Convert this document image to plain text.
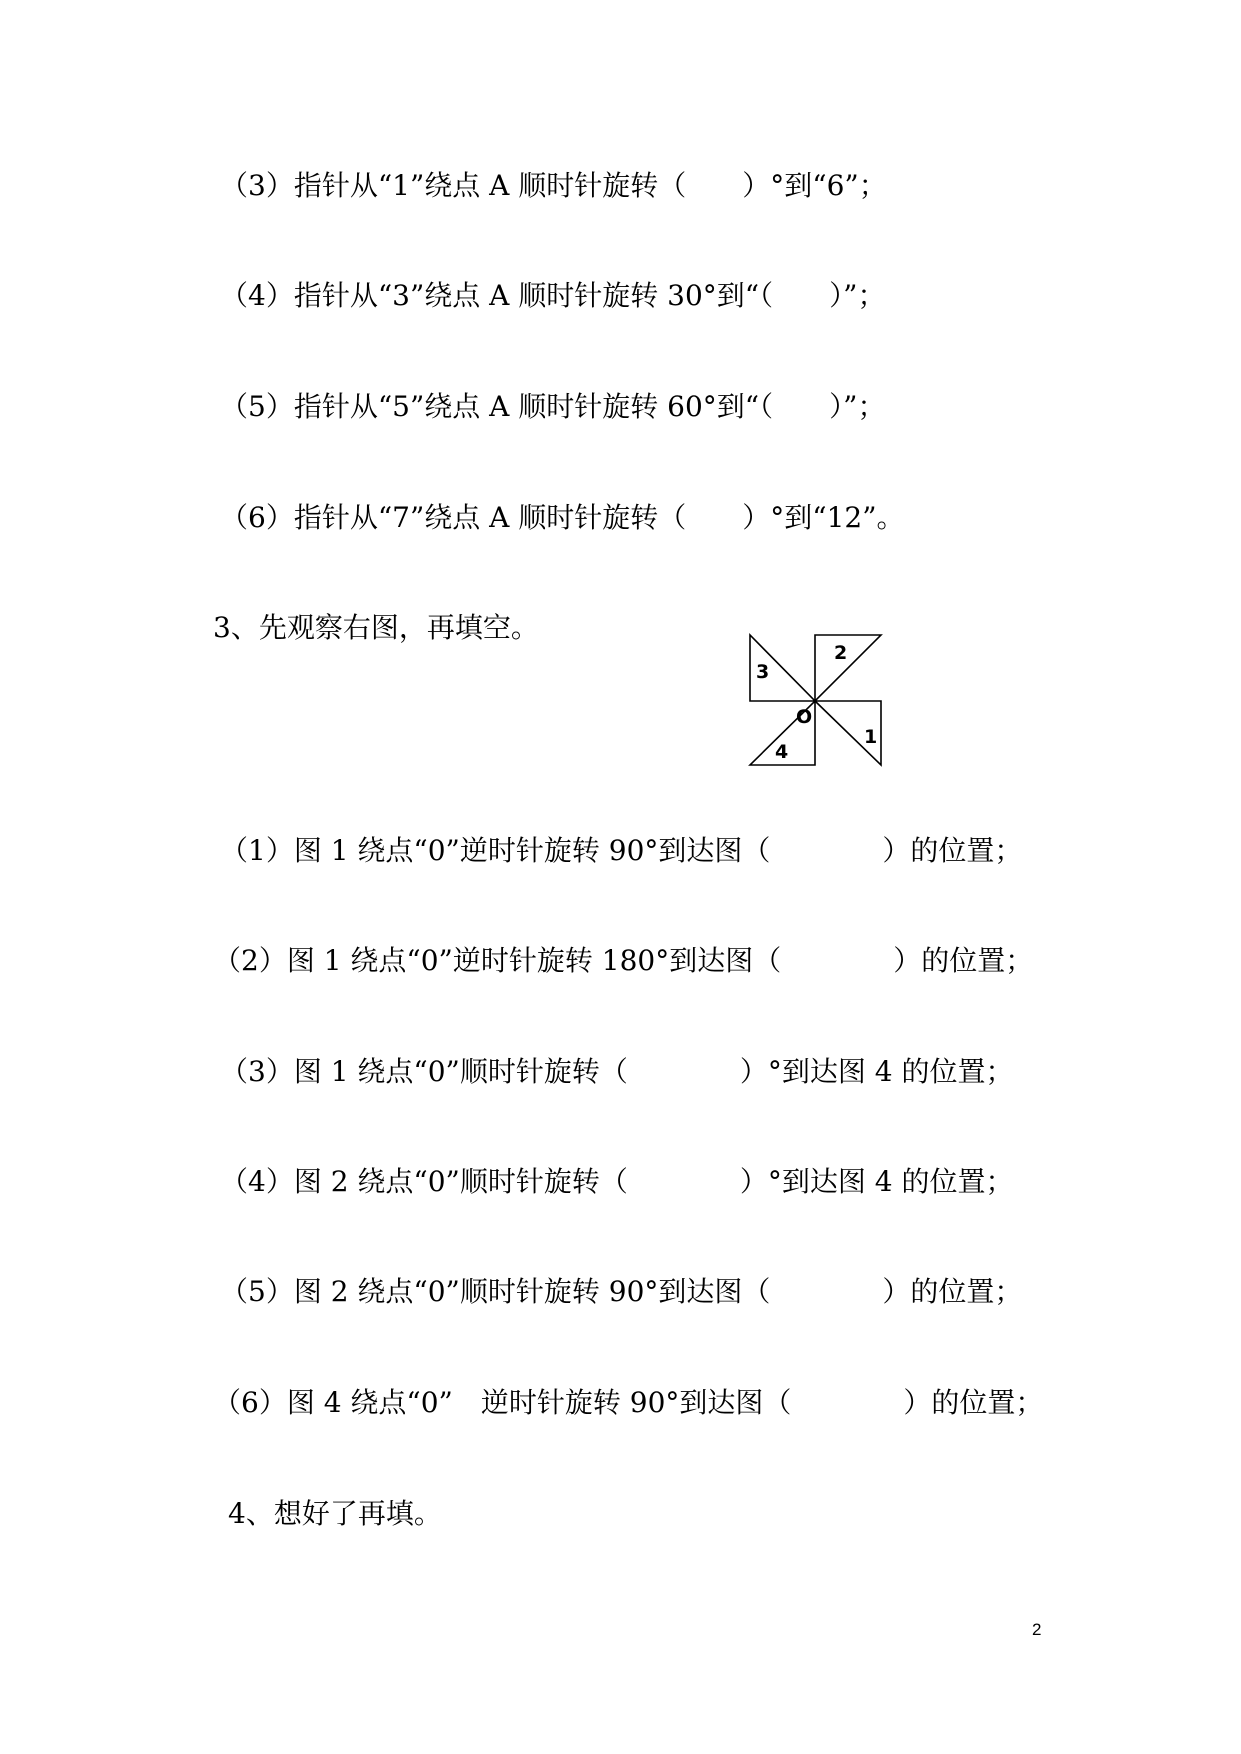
（3）指针从“1”绕点 A 顺时针旋转（　　）°到“6”；
（4）指针从“3”绕点 A 顺时针旋转 30°到“（　　）”；
（5）指针从“5”绕点 A 顺时针旋转 60°到“（　　）”；
（6）指针从“7”绕点 A 顺时针旋转（　　）°到“12”。
3、先观察右图，再填空。
2
3
O
1
4
（1）图 1 绕点“0”逆时针旋转 90°到达图（　　　　）的位置；
（2）图 1 绕点“0”逆时针旋转 180°到达图（　　　　）的位置；
（3）图 1 绕点“0”顺时针旋转（　　　　）°到达图 4 的位置；
（4）图 2 绕点“0”顺时针旋转（　　　　）°到达图 4 的位置；
（5）图 2 绕点“0”顺时针旋转 90°到达图（　　　　）的位置；
（6）图 4 绕点“0”　逆时针旋转 90°到达图（　　　　）的位置；
4、想好了再填。
2
